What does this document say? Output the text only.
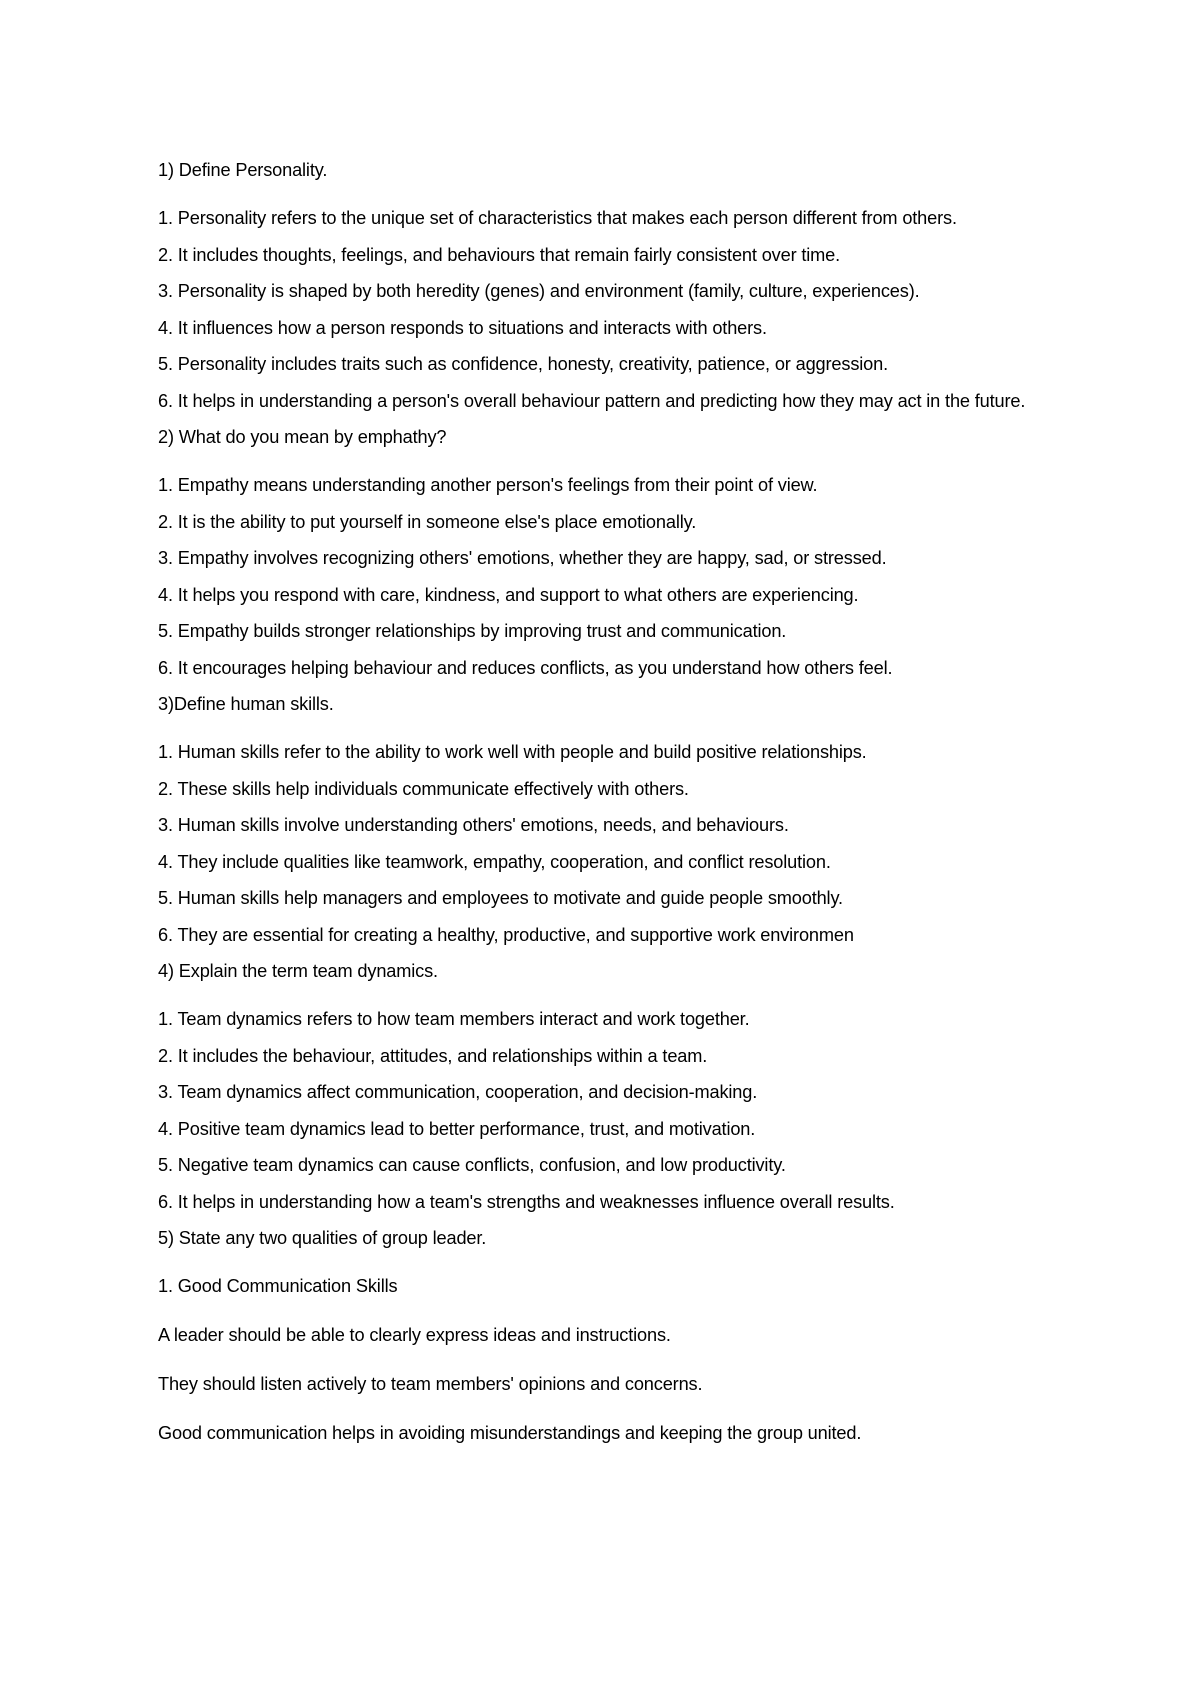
1) Define Personality.

1. Personality refers to the unique set of characteristics that makes each person different from others.

2. It includes thoughts, feelings, and behaviours that remain fairly consistent over time.

3. Personality is shaped by both heredity (genes) and environment (family, culture, experiences).

4. It influences how a person responds to situations and interacts with others.

5. Personality includes traits such as confidence, honesty, creativity, patience, or aggression.

6. It helps in understanding a person's overall behaviour pattern and predicting how they may act in the future.

2) What do you mean by emphathy?

1. Empathy means understanding another person's feelings from their point of view.

2. It is the ability to put yourself in someone else's place emotionally.

3. Empathy involves recognizing others' emotions, whether they are happy, sad, or stressed.

4. It helps you respond with care, kindness, and support to what others are experiencing.

5. Empathy builds stronger relationships by improving trust and communication.

6. It encourages helping behaviour and reduces conflicts, as you understand how others feel.

3)Define human skills.

1. Human skills refer to the ability to work well with people and build positive relationships.

2. These skills help individuals communicate effectively with others.

3. Human skills involve understanding others' emotions, needs, and behaviours.

4. They include qualities like teamwork, empathy, cooperation, and conflict resolution.

5. Human skills help managers and employees to motivate and guide people smoothly.

6. They are essential for creating a healthy, productive, and supportive work environmen

4) Explain the term team dynamics.

1. Team dynamics refers to how team members interact and work together.

2. It includes the behaviour, attitudes, and relationships within a team.

3. Team dynamics affect communication, cooperation, and decision-making.

4. Positive team dynamics lead to better performance, trust, and motivation.

5. Negative team dynamics can cause conflicts, confusion, and low productivity.

6. It helps in understanding how a team's strengths and weaknesses influence overall results.

5) State any two qualities of group leader.

1. Good Communication Skills

A leader should be able to clearly express ideas and instructions.

They should listen actively to team members' opinions and concerns.

Good communication helps in avoiding misunderstandings and keeping the group united.
